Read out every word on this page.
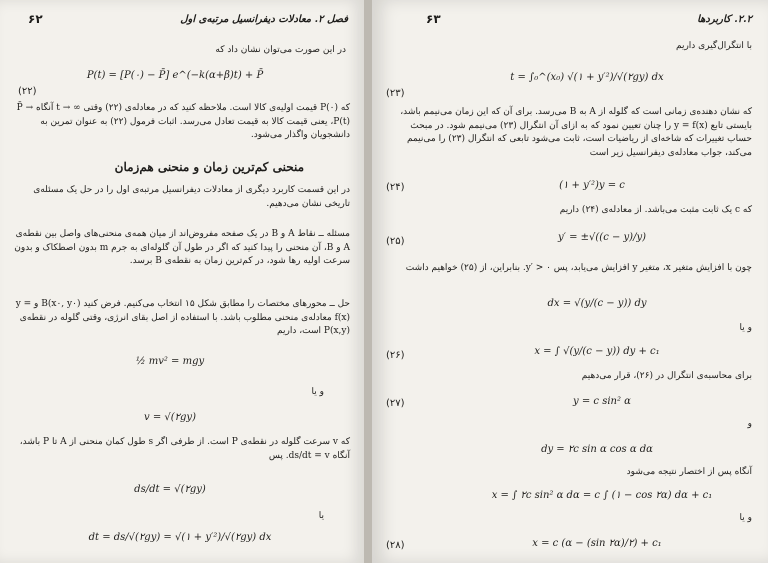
۶۲	فصل ۲. معادلات دیفرانسیل مرتبه‌ی اول
در این صورت می‌توان نشان داد که
P(t) = [P(۰) − P̄] e^(−k(α+β)t) + P̄
(۲۲)
که P(۰) قیمت اولیه‌ی کالا است. ملاحظه کنید که در معادله‌ی (۲۲) وقتی ∞ → t آنگاه P̄ → P(t)، یعنی قیمت کالا به قیمت تعادل می‌رسد. اثبات فرمول (۲۲) به عنوان تمرین به دانشجویان واگذار می‌شود.
منحنی کم‌ترین زمان و منحنی هم‌زمان
در این قسمت کاربرد دیگری از معادلات دیفرانسیل مرتبه‌ی اول را در حل یک مسئله‌ی تاریخی نشان می‌دهیم.
مسئله ــ نقاط A و B در یک صفحه مفروض‌اند از میان همه‌ی منحنی‌های واصل بین نقطه‌ی A و B، آن منحنی را پیدا کنید که اگر در طول آن گلوله‌ای به جرم m بدون اصطکاک و بدون سرعت اولیه رها شود، در کم‌ترین زمان به نقطه‌ی B برسد.
حل ــ محورهای مختصات را مطابق شکل ۱۵ انتخاب می‌کنیم. فرض کنید B(x۰, y۰) و y = f(x) معادله‌ی منحنی مطلوب باشد. با استفاده از اصل بقای انرژی، وقتی گلوله در نقطه‌ی P(x,y) است، داریم
½ mv² = mgy
و یا
v = √(۲gy)
که v سرعت گلوله در نقطه‌ی P است. از طرفی اگر s طول کمان منحنی از A تا P باشد، آنگاه ds/dt = v. پس
ds/dt = √(۲gy)
یا
dt = ds/√(۲gy) = √(۱ + y′²)/√(۲gy) dx
۲.۲. کاربردها
۶۳
با انتگرال‌گیری داریم
t = ∫₀^(x₀) √(۱ + y′²)/√(۲gy) dx
(۲۳)
که نشان دهنده‌ی زمانی است که گلوله از A به B می‌رسد. برای آن که این زمان می‌نیمم باشد، بایستی تابع y = f(x) را چنان تعیین نمود که به ازای آن انتگرال (۲۳) می‌نیمم شود. در مبحث حساب تغییرات که شاخه‌ای از ریاضیات است، ثابت می‌شود تابعی که انتگرال (۲۳) را می‌نیمم می‌کند، جواب معادله‌ی دیفرانسیل زیر است
(۱ + y′²)y = c
(۲۴)
که c یک ثابت مثبت می‌باشد. از معادله‌ی (۲۴) داریم
y′ = ±√((c − y)/y)
(۲۵)
چون با افزایش متغیر x، متغیر y افزایش می‌یابد، پس y′ > ۰. بنابراین، از (۲۵) خواهیم داشت
dx = √(y/(c − y)) dy
و یا
x = ∫ √(y/(c − y)) dy + c₁
(۲۶)
برای محاسبه‌ی انتگرال در (۲۶)، قرار می‌دهیم
y = c sin² α
(۲۷)
و
dy = ۲c sin α cos α dα
آنگاه پس از اختصار نتیجه می‌شود
x = ∫ ۲c sin² α dα = c ∫ (۱ − cos ۲α) dα + c₁
و یا
x = c (α − (sin ۲α)/۲) + c₁
(۲۸)
